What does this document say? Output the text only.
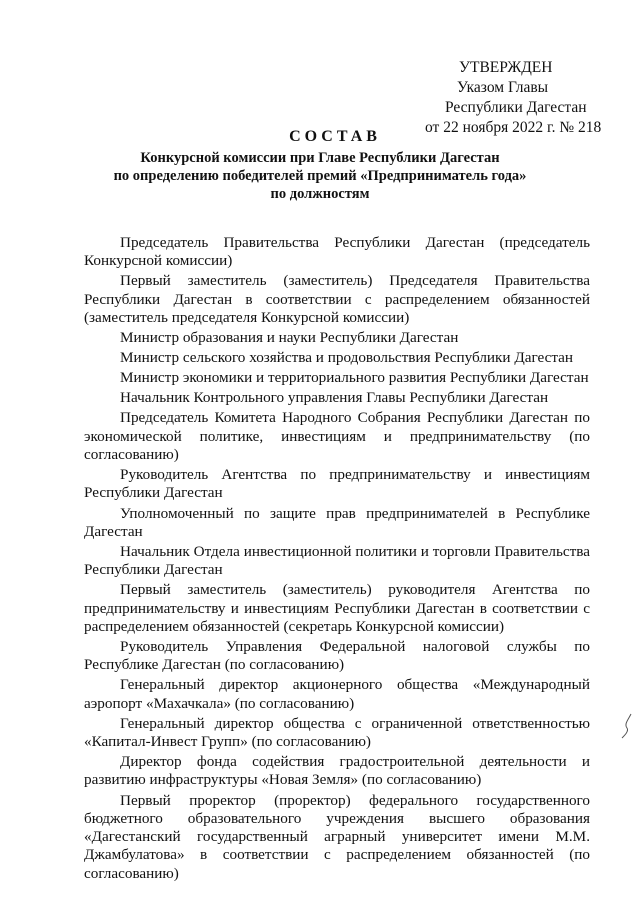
УТВЕРЖДЕН
Указом Главы
Республики Дагестан
от 22 ноября 2022 г. № 218
СОСТАВ
Конкурсной комиссии при Главе Республики Дагестан
по определению победителей премий «Предприниматель года»
по должностям

Председатель Правительства Республики Дагестан (председатель Конкурсной комиссии)

Первый заместитель (заместитель) Председателя Правительства Республики Дагестан в соответствии с распределением обязанностей (заместитель председателя Конкурсной комиссии)

Министр образования и науки Республики Дагестан

Министр сельского хозяйства и продовольствия Республики Дагестан

Министр экономики и территориального развития Республики Дагестан

Начальник Контрольного управления Главы Республики Дагестан

Председатель Комитета Народного Собрания Республики Дагестан по экономической политике, инвестициям и предпринимательству (по согласованию)

Руководитель Агентства по предпринимательству и инвестициям Республики Дагестан

Уполномоченный по защите прав предпринимателей в Республике Дагестан

Начальник Отдела инвестиционной политики и торговли Правительства Республики Дагестан

Первый заместитель (заместитель) руководителя Агентства по предпринимательству и инвестициям Республики Дагестан в соответствии с распределением обязанностей (секретарь Конкурсной комиссии)

Руководитель Управления Федеральной налоговой службы по Республике Дагестан (по согласованию)

Генеральный директор акционерного общества «Международный аэропорт «Махачкала» (по согласованию)

Генеральный директор общества с ограниченной ответственностью «Капитал-Инвест Групп» (по согласованию)

Директор фонда содействия градостроительной деятельности и развитию инфраструктуры «Новая Земля» (по согласованию)

Первый проректор (проректор) федерального государственного бюджетного образовательного учреждения высшего образования «Дагестанский государственный аграрный университет имени М.М. Джамбулатова» в соответствии с распределением обязанностей (по согласованию)
